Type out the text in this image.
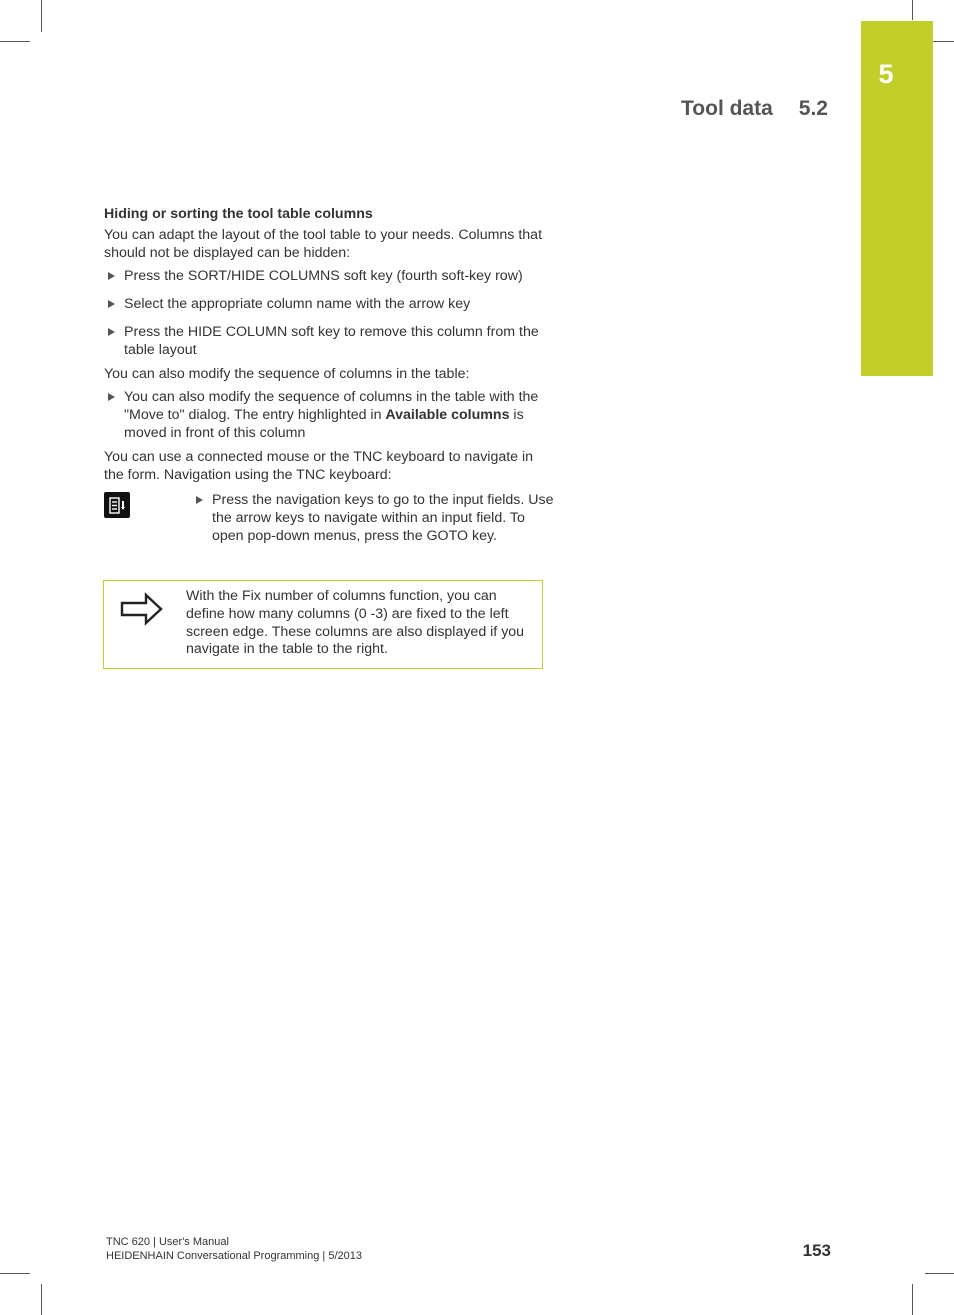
5
Tool data 5.2

Hiding or sorting the tool table columns

You can adapt the layout of the tool table to your needs. Columns that should not be displayed can be hidden:

Press the SORT/HIDE COLUMNS soft key (fourth soft-key row)
Select the appropriate column name with the arrow key
Press the HIDE COLUMN soft key to remove this column from the table layout

You can also modify the sequence of columns in the table:

You can also modify the sequence of columns in the table with the "Move to" dialog. The entry highlighted in Available columns is moved in front of this column

You can use a connected mouse or the TNC keyboard to navigate in the form. Navigation using the TNC keyboard:

Press the navigation keys to go to the input fields. Use the arrow keys to navigate within an input field. To open pop-down menus, press the GOTO key.
With the Fix number of columns function, you can define how many columns (0 -3) are fixed to the left screen edge. These columns are also displayed if you navigate in the table to the right.
TNC 620 | User's Manual
HEIDENHAIN Conversational Programming | 5/2013	153
